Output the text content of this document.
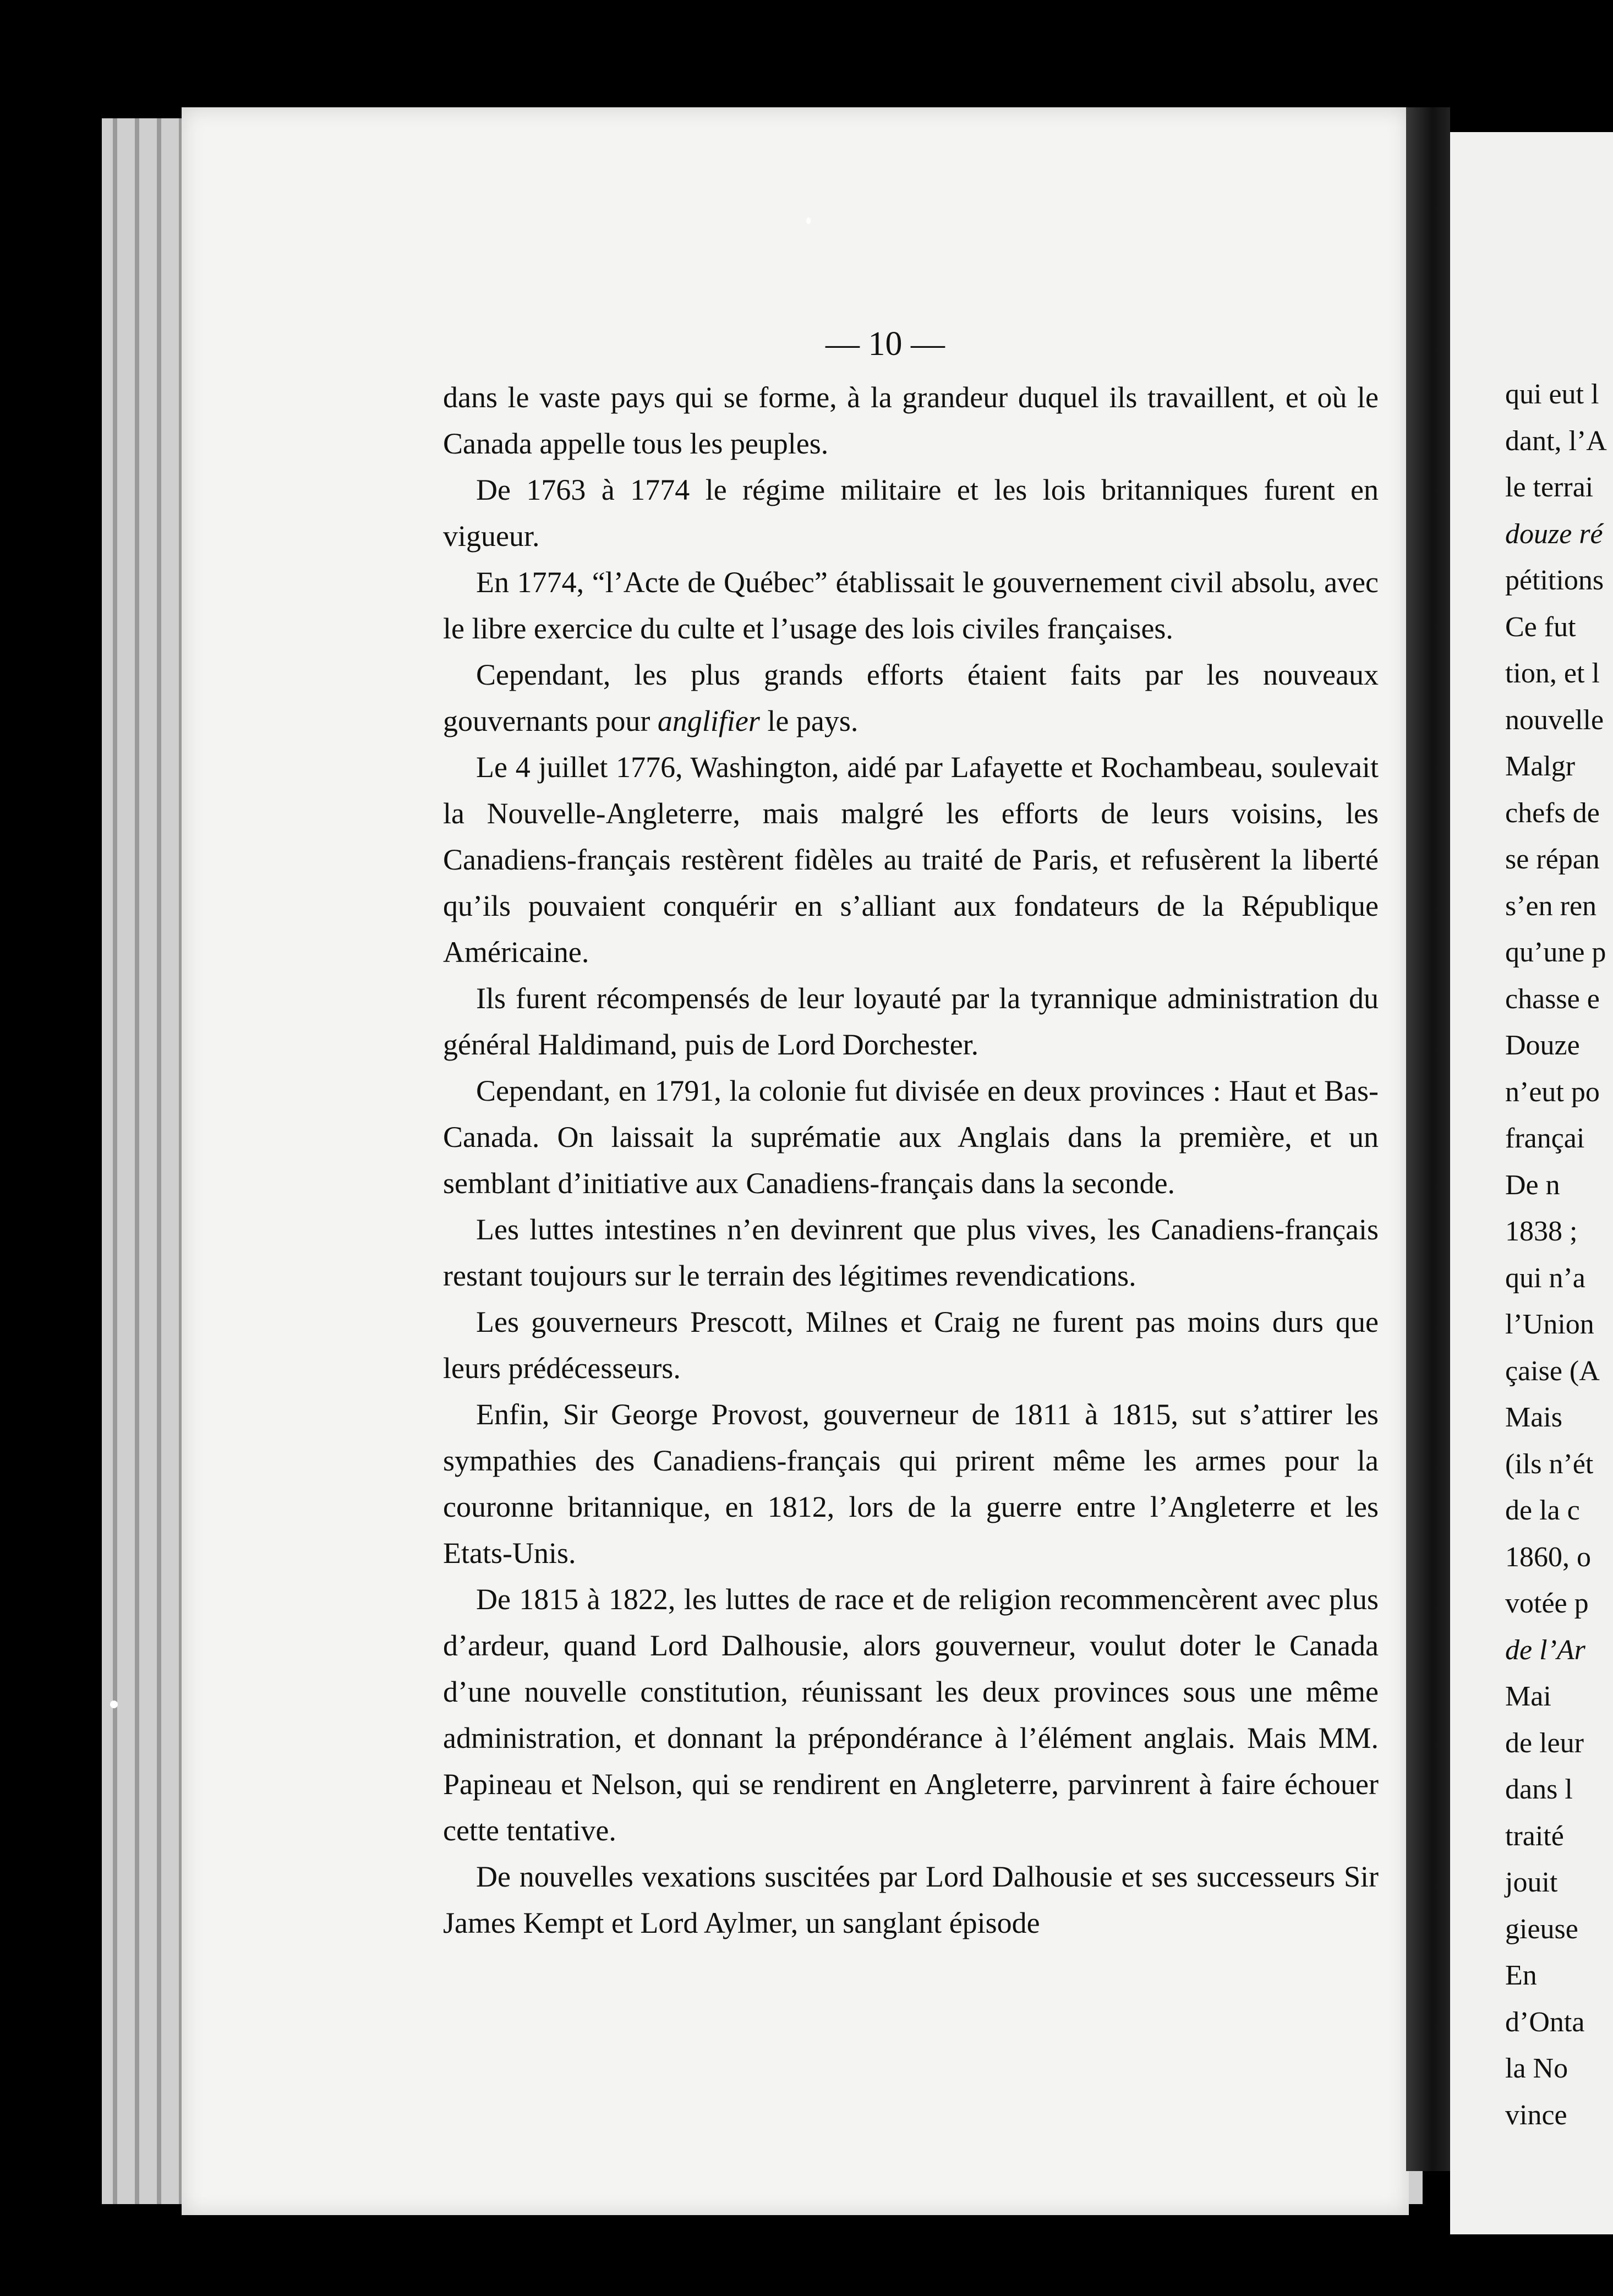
— 10 —

dans le vaste pays qui se forme, à la grandeur duquel ils travaillent, et où le Canada appelle tous les peuples.

De 1763 à 1774 le régime militaire et les lois britanniques furent en vigueur.

En 1774, “l’Acte de Québec” établissait le gouvernement civil absolu, avec le libre exercice du culte et l’usage des lois civiles françaises.

Cependant, les plus grands efforts étaient faits par les nouveaux gouvernants pour anglifier le pays.

Le 4 juillet 1776, Washington, aidé par Lafayette et Rochambeau, soulevait la Nouvelle-Angleterre, mais malgré les efforts de leurs voisins, les Canadiens-français restèrent fidèles au traité de Paris, et refusèrent la liberté qu’ils pouvaient conquérir en s’alliant aux fondateurs de la République Américaine.

Ils furent récompensés de leur loyauté par la tyrannique administration du général Haldimand, puis de Lord Dorchester.

Cependant, en 1791, la colonie fut divisée en deux provinces : Haut et Bas-Canada. On laissait la suprématie aux Anglais dans la première, et un semblant d’initiative aux Canadiens-français dans la seconde.

Les luttes intestines n’en devinrent que plus vives, les Canadiens-français restant toujours sur le terrain des légitimes revendications.

Les gouverneurs Prescott, Milnes et Craig ne furent pas moins durs que leurs prédécesseurs.

Enfin, Sir George Provost, gouverneur de 1811 à 1815, sut s’attirer les sympathies des Canadiens-français qui prirent même les armes pour la couronne britannique, en 1812, lors de la guerre entre l’Angleterre et les Etats-Unis.

De 1815 à 1822, les luttes de race et de religion recommencèrent avec plus d’ardeur, quand Lord Dalhousie, alors gouverneur, voulut doter le Canada d’une nouvelle constitution, réunissant les deux provinces sous une même administration, et donnant la prépondérance à l’élément anglais. Mais MM. Papineau et Nelson, qui se rendirent en Angleterre, parvinrent à faire échouer cette tentative.

De nouvelles vexations suscitées par Lord Dalhousie et ses successeurs Sir James Kempt et Lord Aylmer, un sanglant épisode

qui eut l
dant, l’A
le terrai
douze ré
pétitions
Ce fut
tion, et l
nouvelle
Malgr
chefs de
se répan
s’en ren
qu’une p
chasse e
Douze
n’eut po
françai
De n
1838 ;
qui n’a
l’Union
çaise (A
Mais
(ils n’ét
de la c
1860, o
votée p
de l’Ar
Mai
de leur
dans l
traité
jouit
gieuse
En
d’Onta
la No
vince
